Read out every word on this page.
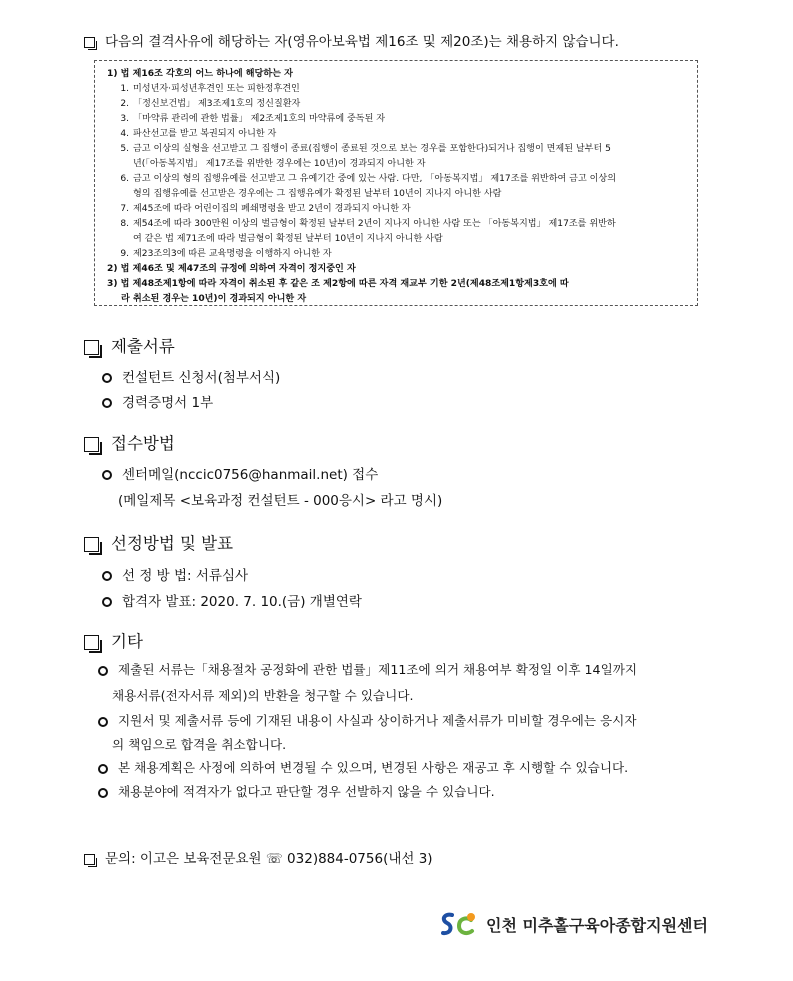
다음의 결격사유에 해당하는 자(영유아보육법 제16조 및 제20조)는 채용하지 않습니다.
1) 법 제16조 각호의 어느 하나에 해당하는 자
1. 미성년자·피성년후견인 또는 피한정후견인
2. 「정신보건법」 제3조제1호의 정신질환자
3. 「마약류 관리에 관한 법률」 제2조제1호의 마약류에 중독된 자
4. 파산선고를 받고 복권되지 아니한 자
5. 금고 이상의 실형을 선고받고 그 집행이 종료(집행이 종료된 것으로 보는 경우를 포함한다)되거나 집행이 면제된 날부터 5
년(「아동복지법」 제17조를 위반한 경우에는 10년)이 경과되지 아니한 자
6. 금고 이상의 형의 집행유예를 선고받고 그 유예기간 중에 있는 사람. 다만, 「아동복지법」 제17조를 위반하여 금고 이상의
형의 집행유예를 선고받은 경우에는 그 집행유예가 확정된 날부터 10년이 지나지 아니한 사람
7. 제45조에 따라 어린이집의 폐쇄명령을 받고 2년이 경과되지 아니한 자
8. 제54조에 따라 300만원 이상의 벌금형이 확정된 날부터 2년이 지나지 아니한 사람 또는 「아동복지법」 제17조를 위반하
여 같은 법 제71조에 따라 벌금형이 확정된 날부터 10년이 지나지 아니한 사람
9. 제23조의3에 따른 교육명령을 이행하지 아니한 자
2) 법 제46조 및 제47조의 규정에 의하여 자격이 정지중인 자
3) 법 제48조제1항에 따라 자격이 취소된 후 같은 조 제2항에 따른 자격 재교부 기한 2년(제48조제1항제3호에 따
라 취소된 경우는 10년)이 경과되지 아니한 자
제출서류
컨설턴트 신청서(첨부서식)
경력증명서 1부
접수방법
센터메일(nccic0756@hanmail.net) 접수
(메일제목 <보육과정 컨설턴트 - 000응시> 라고 명시)
선정방법 및 발표
선 정 방 법: 서류심사
합격자 발표: 2020. 7. 10.(금) 개별연락
기타
제출된 서류는「채용절차 공정화에 관한 법률」제11조에 의거 채용여부 확정일 이후 14일까지
채용서류(전자서류 제외)의 반환을 청구할 수 있습니다.
지원서 및 제출서류 등에 기재된 내용이 사실과 상이하거나 제출서류가 미비할 경우에는 응시자
의 책임으로 합격을 취소합니다.
본 채용계획은 사정에 의하여 변경될 수 있으며, 변경된 사항은 재공고 후 시행할 수 있습니다.
채용분야에 적격자가 없다고 판단할 경우 선발하지 않을 수 있습니다.
문의: 이고은 보육전문요원 ☏ 032)884-0756(내선 3)
인천 미추홀구육아종합지원센터
